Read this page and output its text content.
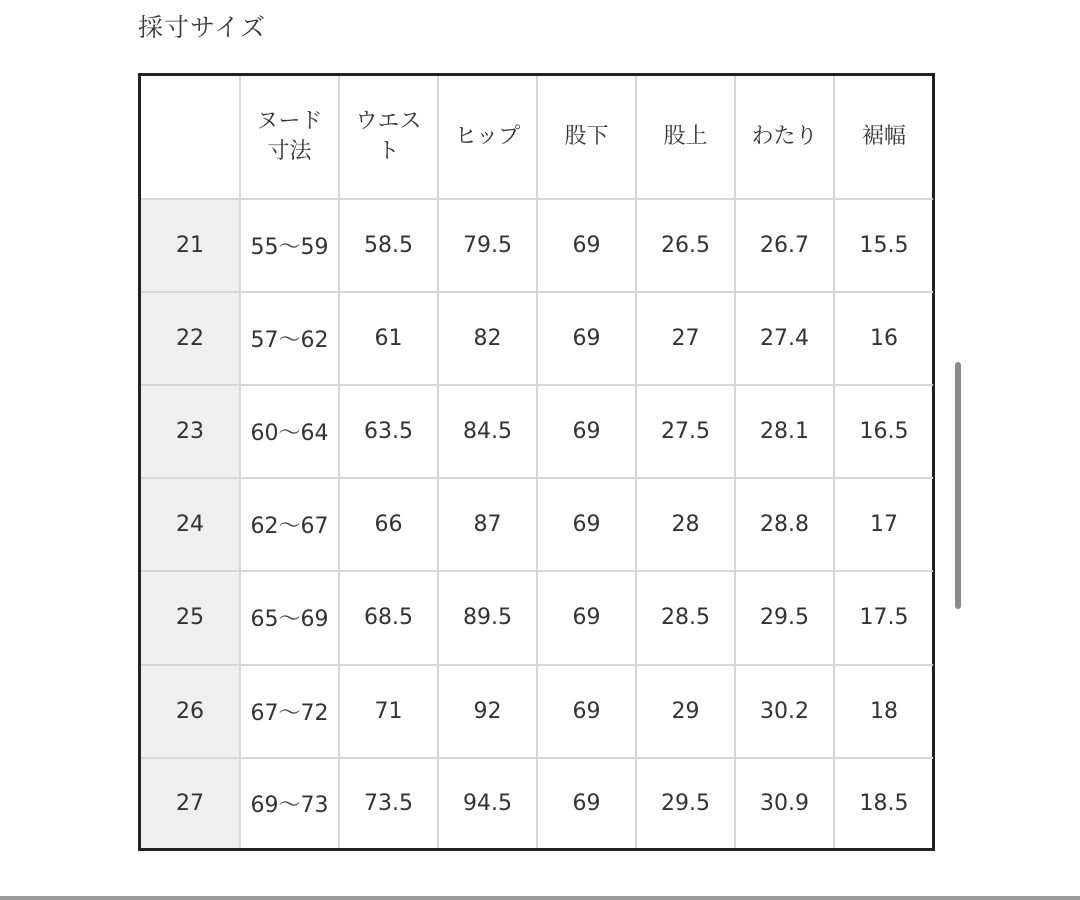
採寸サイズ
	ヌード寸法	ウエスト	ヒップ	股下	股上	わたり	裾幅
21	55〜59	58.5	79.5	69	26.5	26.7	15.5
22	57〜62	61	82	69	27	27.4	16
23	60〜64	63.5	84.5	69	27.5	28.1	16.5
24	62〜67	66	87	69	28	28.8	17
25	65〜69	68.5	89.5	69	28.5	29.5	17.5
26	67〜72	71	92	69	29	30.2	18
27	69〜73	73.5	94.5	69	29.5	30.9	18.5
